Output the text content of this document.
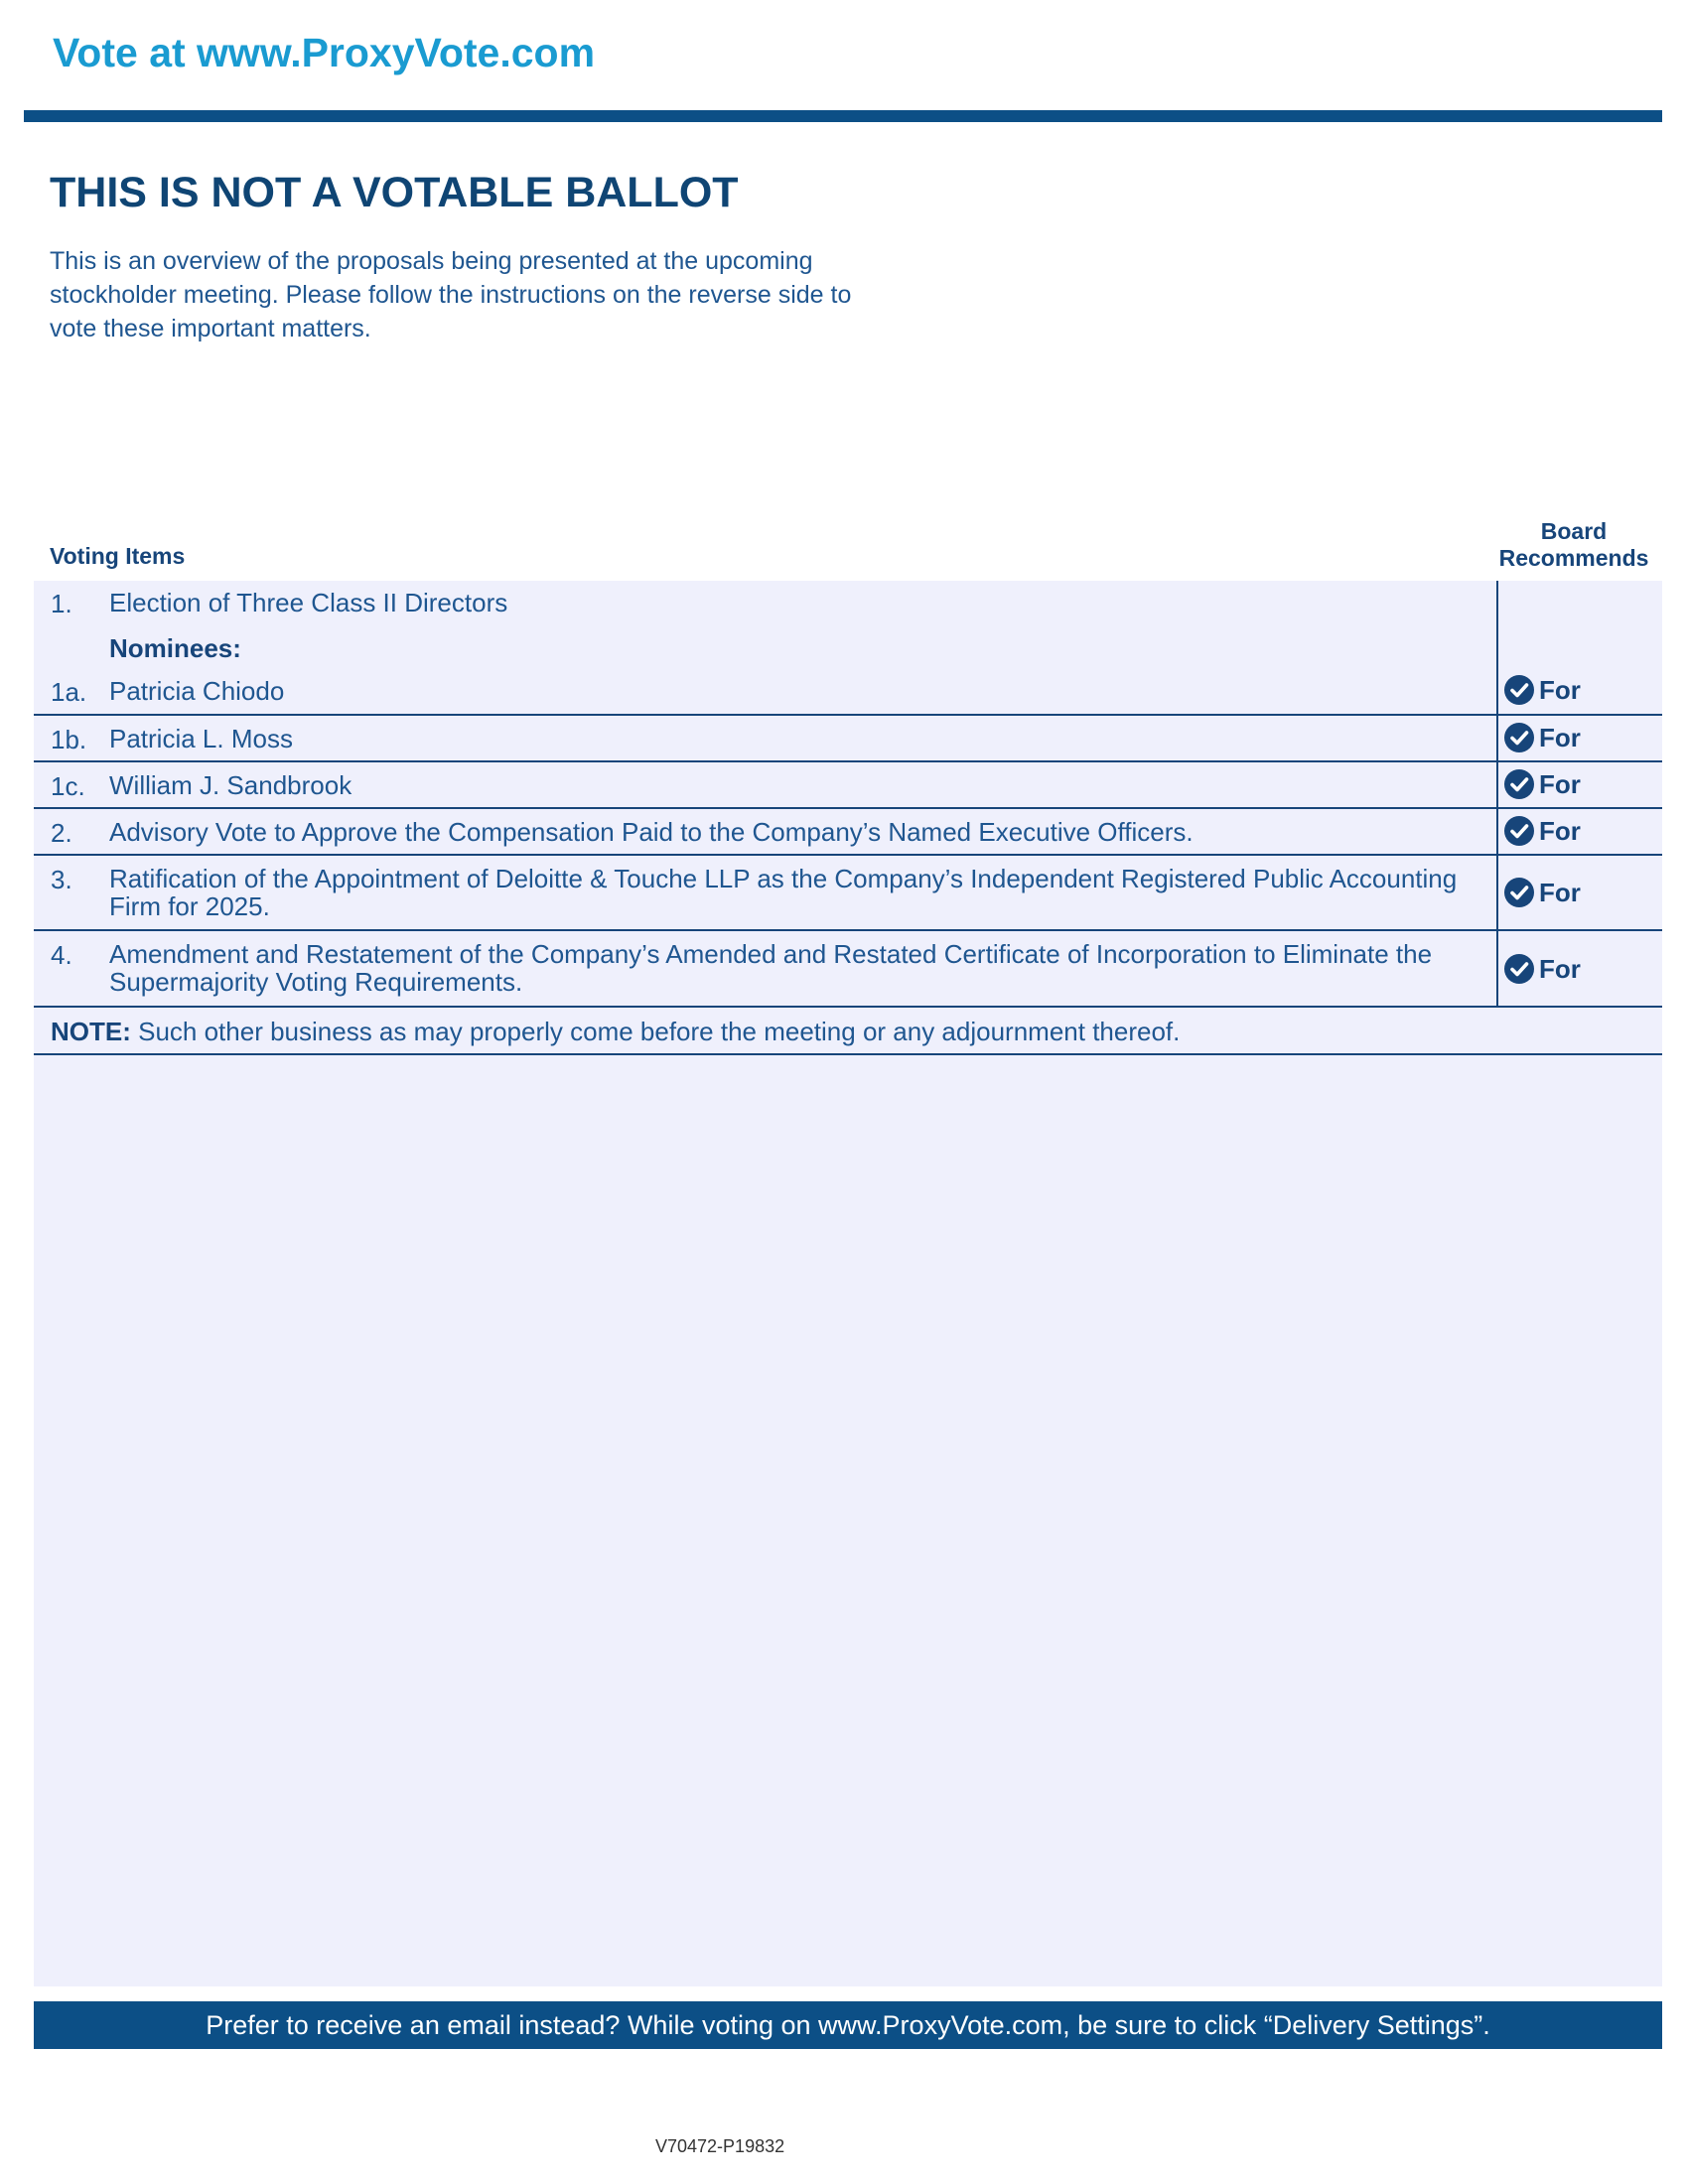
Vote at www.ProxyVote.com
THIS IS NOT A VOTABLE BALLOT
This is an overview of the proposals being presented at the upcoming stockholder meeting. Please follow the instructions on the reverse side to vote these important matters.
Voting Items
Board
Recommends
1. Election of Three Class II Directors
Nominees:
1a. Patricia Chiodo	For
1b. Patricia L. Moss	For
1c. William J. Sandbrook	For
2. Advisory Vote to Approve the Compensation Paid to the Company’s Named Executive Officers.	For
3. Ratification of the Appointment of Deloitte & Touche LLP as the Company’s Independent Registered Public Accounting Firm for 2025.	For
4. Amendment and Restatement of the Company’s Amended and Restated Certificate of Incorporation to Eliminate the Supermajority Voting Requirements.	For
NOTE: Such other business as may properly come before the meeting or any adjournment thereof.
Prefer to receive an email instead? While voting on www.ProxyVote.com, be sure to click “Delivery Settings”.
V70472-P19832
